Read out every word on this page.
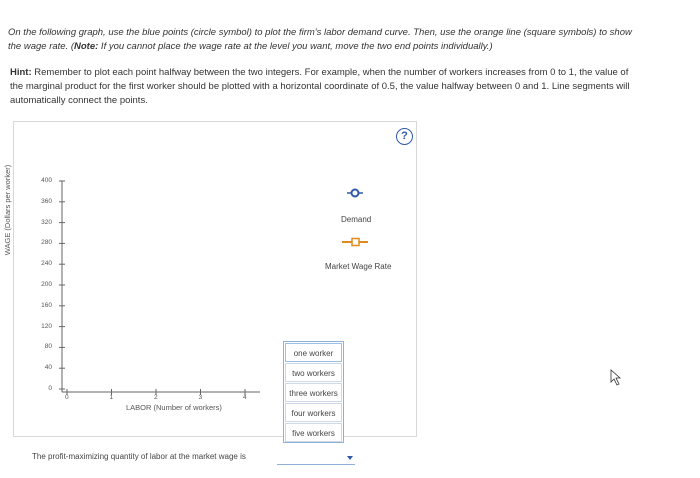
On the following graph, use the blue points (circle symbol) to plot the firm's labor demand curve. Then, use the orange line (square symbols) to show
the wage rate. (Note: If you cannot place the wage rate at the level you want, move the two end points individually.)
Hint: Remember to plot each point halfway between the two integers. For example, when the number of workers increases from 0 to 1, the value of
the marginal product for the first worker should be plotted with a horizontal coordinate of 0.5, the value halfway between 0 and 1. Line segments will
automatically connect the points.
?
400
360
320
280
240
200
160
120
80
40
0
0	1	2	3	4
WAGE (Dollars per worker)
LABOR (Number of workers)
Demand
Market Wage Rate
one worker
two workers
three workers
four workers
five workers
The profit-maximizing quantity of labor at the market wage is
